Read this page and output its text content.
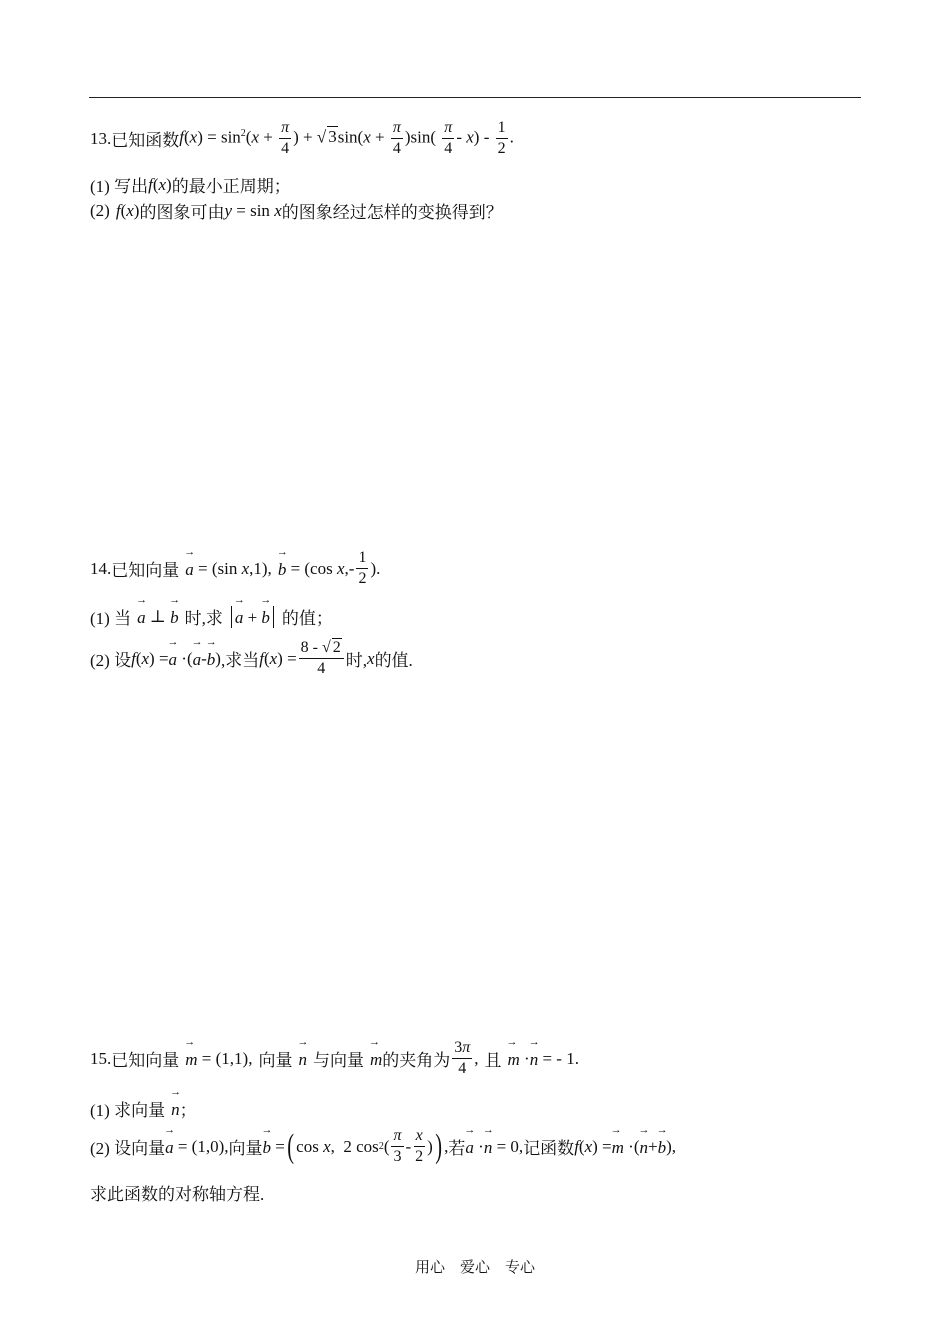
13. 已知函数 $f(x) = \sin^2(x + \frac{\pi}{4}$ ) + √ $3\sin(x + \frac{\pi}{4} )\sin( \frac{\pi}{4} - x) - \frac{1}{2}$ .
(1) 写出 f ( x ) 的最小正周期；
(2) f ( x ) 的图象可由 y = sin x 的图象经过怎样的变换得到？
14. 已知向量 → a = (sin x ,1), → b = (cos x ,- $\frac{1}{2}$ ).
(1) 当 → a ⊥ → b 时,求 → a + → b 的值；
(2) 设 f ( x ) = → a ·( → a - → b ) ,求当 f ( x ) = $\frac{8 - √ 2}{4}$ 时, x 的值.
15. 已知向量 → m = (1,1), 向量 → n 与向量 → m 的夹角为 $\frac{3\pi}{4}$ , 且 → m · → n = - 1.
(1) 求向量 → n ；
(2) 设向量 → a = (1,0), 向量 → b = ( cos x ,  2 cos 2 ( $\frac{\pi}{3} - \frac{x}{2}$ ) ) , 若 → a · → n = 0, 记函数 f ( x ) = → m ·( → n + → b ),
求此函数的对称轴方程.
用心　爱心　专心
